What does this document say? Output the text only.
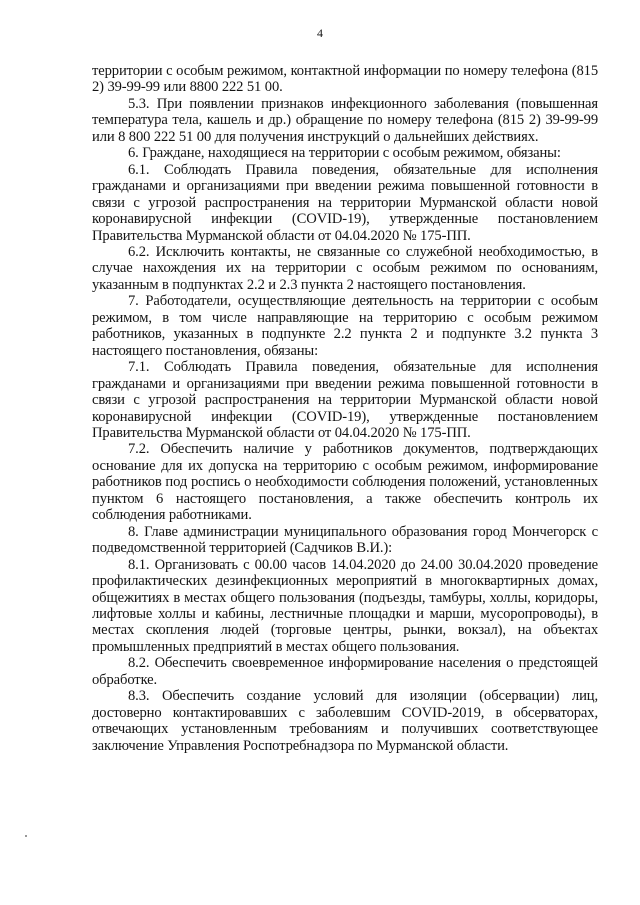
4

территории с особым режимом, контактной информации по номеру телефона (815 2) 39-99-99 или 8800 222 51 00.

5.3. При появлении признаков инфекционного заболевания (повышенная температура тела, кашель и др.) обращение по номеру телефона (815 2) 39-99-99 или 8 800 222 51 00 для получения инструкций о дальнейших действиях.

6. Граждане, находящиеся на территории с особым режимом, обязаны:

6.1. Соблюдать Правила поведения, обязательные для исполнения гражданами и организациями при введении режима повышенной готовности в связи с угрозой распространения на территории Мурманской области новой коронавирусной инфекции (COVID-19), утвержденные постановлением Правительства Мурманской области от 04.04.2020 № 175-ПП.

6.2. Исключить контакты, не связанные со служебной необходимостью, в случае нахождения их на территории с особым режимом по основаниям, указанным в подпунктах 2.2 и 2.3 пункта 2 настоящего постановления.

7. Работодатели, осуществляющие деятельность на территории с особым режимом, в том числе направляющие на территорию с особым режимом работников, указанных в подпункте 2.2 пункта 2 и подпункте 3.2 пункта 3 настоящего постановления, обязаны:

7.1. Соблюдать Правила поведения, обязательные для исполнения гражданами и организациями при введении режима повышенной готовности в связи с угрозой распространения на территории Мурманской области новой коронавирусной инфекции (COVID-19), утвержденные постановлением Правительства Мурманской области от 04.04.2020 № 175-ПП.

7.2. Обеспечить наличие у работников документов, подтверждающих основание для их допуска на территорию с особым режимом, информирование работников под роспись о необходимости соблюдения положений, установленных пунктом 6 настоящего постановления, а также обеспечить контроль их соблюдения работниками.

8. Главе администрации муниципального образования город Мончегорск с подведомственной территорией (Садчиков В.И.):

8.1. Организовать с 00.00 часов 14.04.2020 до 24.00 30.04.2020 проведение профилактических дезинфекционных мероприятий в многоквартирных домах, общежитиях в местах общего пользования (подъезды, тамбуры, холлы, коридоры, лифтовые холлы и кабины, лестничные площадки и марши, мусоропроводы), в местах скопления людей (торговые центры, рынки, вокзал), на объектах промышленных предприятий в местах общего пользования.

8.2. Обеспечить своевременное информирование населения о предстоящей обработке.

8.3. Обеспечить создание условий для изоляции (обсервации) лиц, достоверно контактировавших с заболевшим COVID-2019, в обсерваторах, отвечающих установленным требованиям и получивших соответствующее заключение Управления Роспотребнадзора по Мурманской области.
